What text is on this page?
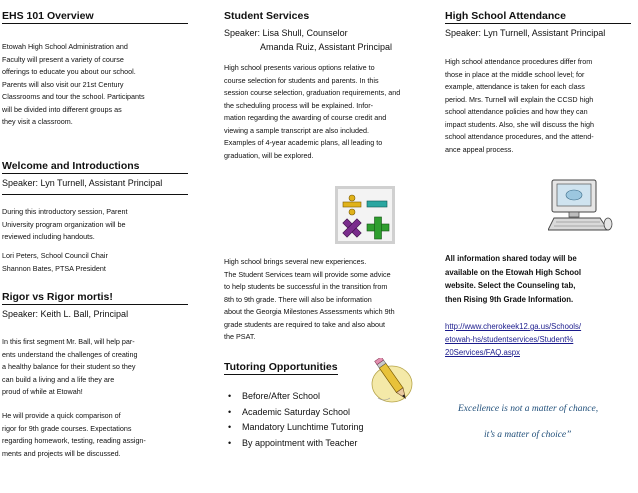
EHS 101 Overview

Etowah High School Administration and

Faculty will present a variety of course

offerings to educate you about our school.

Parents will also visit our 21st Century

Classrooms and tour the school. Participants

will be divided into different groups as

they visit a classroom.

Welcome and Introductions
Speaker: Lyn Turnell, Assistant Principal

During this introductory session, Parent

University program organization will be

reviewed including handouts.

Lori Peters, School Council Chair

Shannon Bates, PTSA President

Rigor vs Rigor mortis!
Speaker: Keith L. Ball, Principal

In this first segment Mr. Ball, will help par-

ents understand the challenges of creating

a healthy balance for their student so they

can build a living and a life they are

proud of while at Etowah!

He will provide a quick comparison of

rigor for 9th grade courses. Expectations

regarding homework, testing, reading assign-

ments and projects will be discussed.

Student Services
Speaker: Lisa Shull, Counselor
Amanda Ruiz, Assistant Principal

High school presents various options relative to

course selection for students and parents. In this

session course selection, graduation requirements, and

the scheduling process will be explained. Infor-

mation regarding the awarding of course credit and

viewing a sample transcript are also included.

Examples of 4-year academic plans, all leading to

graduation, will be explored.

High school brings several new experiences.

The Student Services team will provide some advice

to help students be successful in the transition from

8th to 9th grade. There will also be information

about the Georgia Milestones Assessments which 9th

grade students are required to take and also about

the PSAT.

Tutoring Opportunities
• Before/After School
• Academic Saturday School
• Mandatory Lunchtime Tutoring
• By appointment with Teacher
High School Attendance
Speaker: Lyn Turnell, Assistant Principal

High school attendance procedures differ from

those in place at the middle school level; for

example, attendance is taken for each class

period. Mrs. Turnell will explain the CCSD high

school attendance policies and how they can

impact students. Also, she will discuss the high

school attendance procedures, and the attend-

ance appeal process.

All information shared today will be

available on the Etowah High School

website. Select the Counseling tab,

then Rising 9th Grade Information.

http://www.cherokeek12.ga.us/Schools/
etowah-hs/studentservices/Student%
20Services/FAQ.aspx
Excellence is not a matter of chance,
it’s a matter of choice”
